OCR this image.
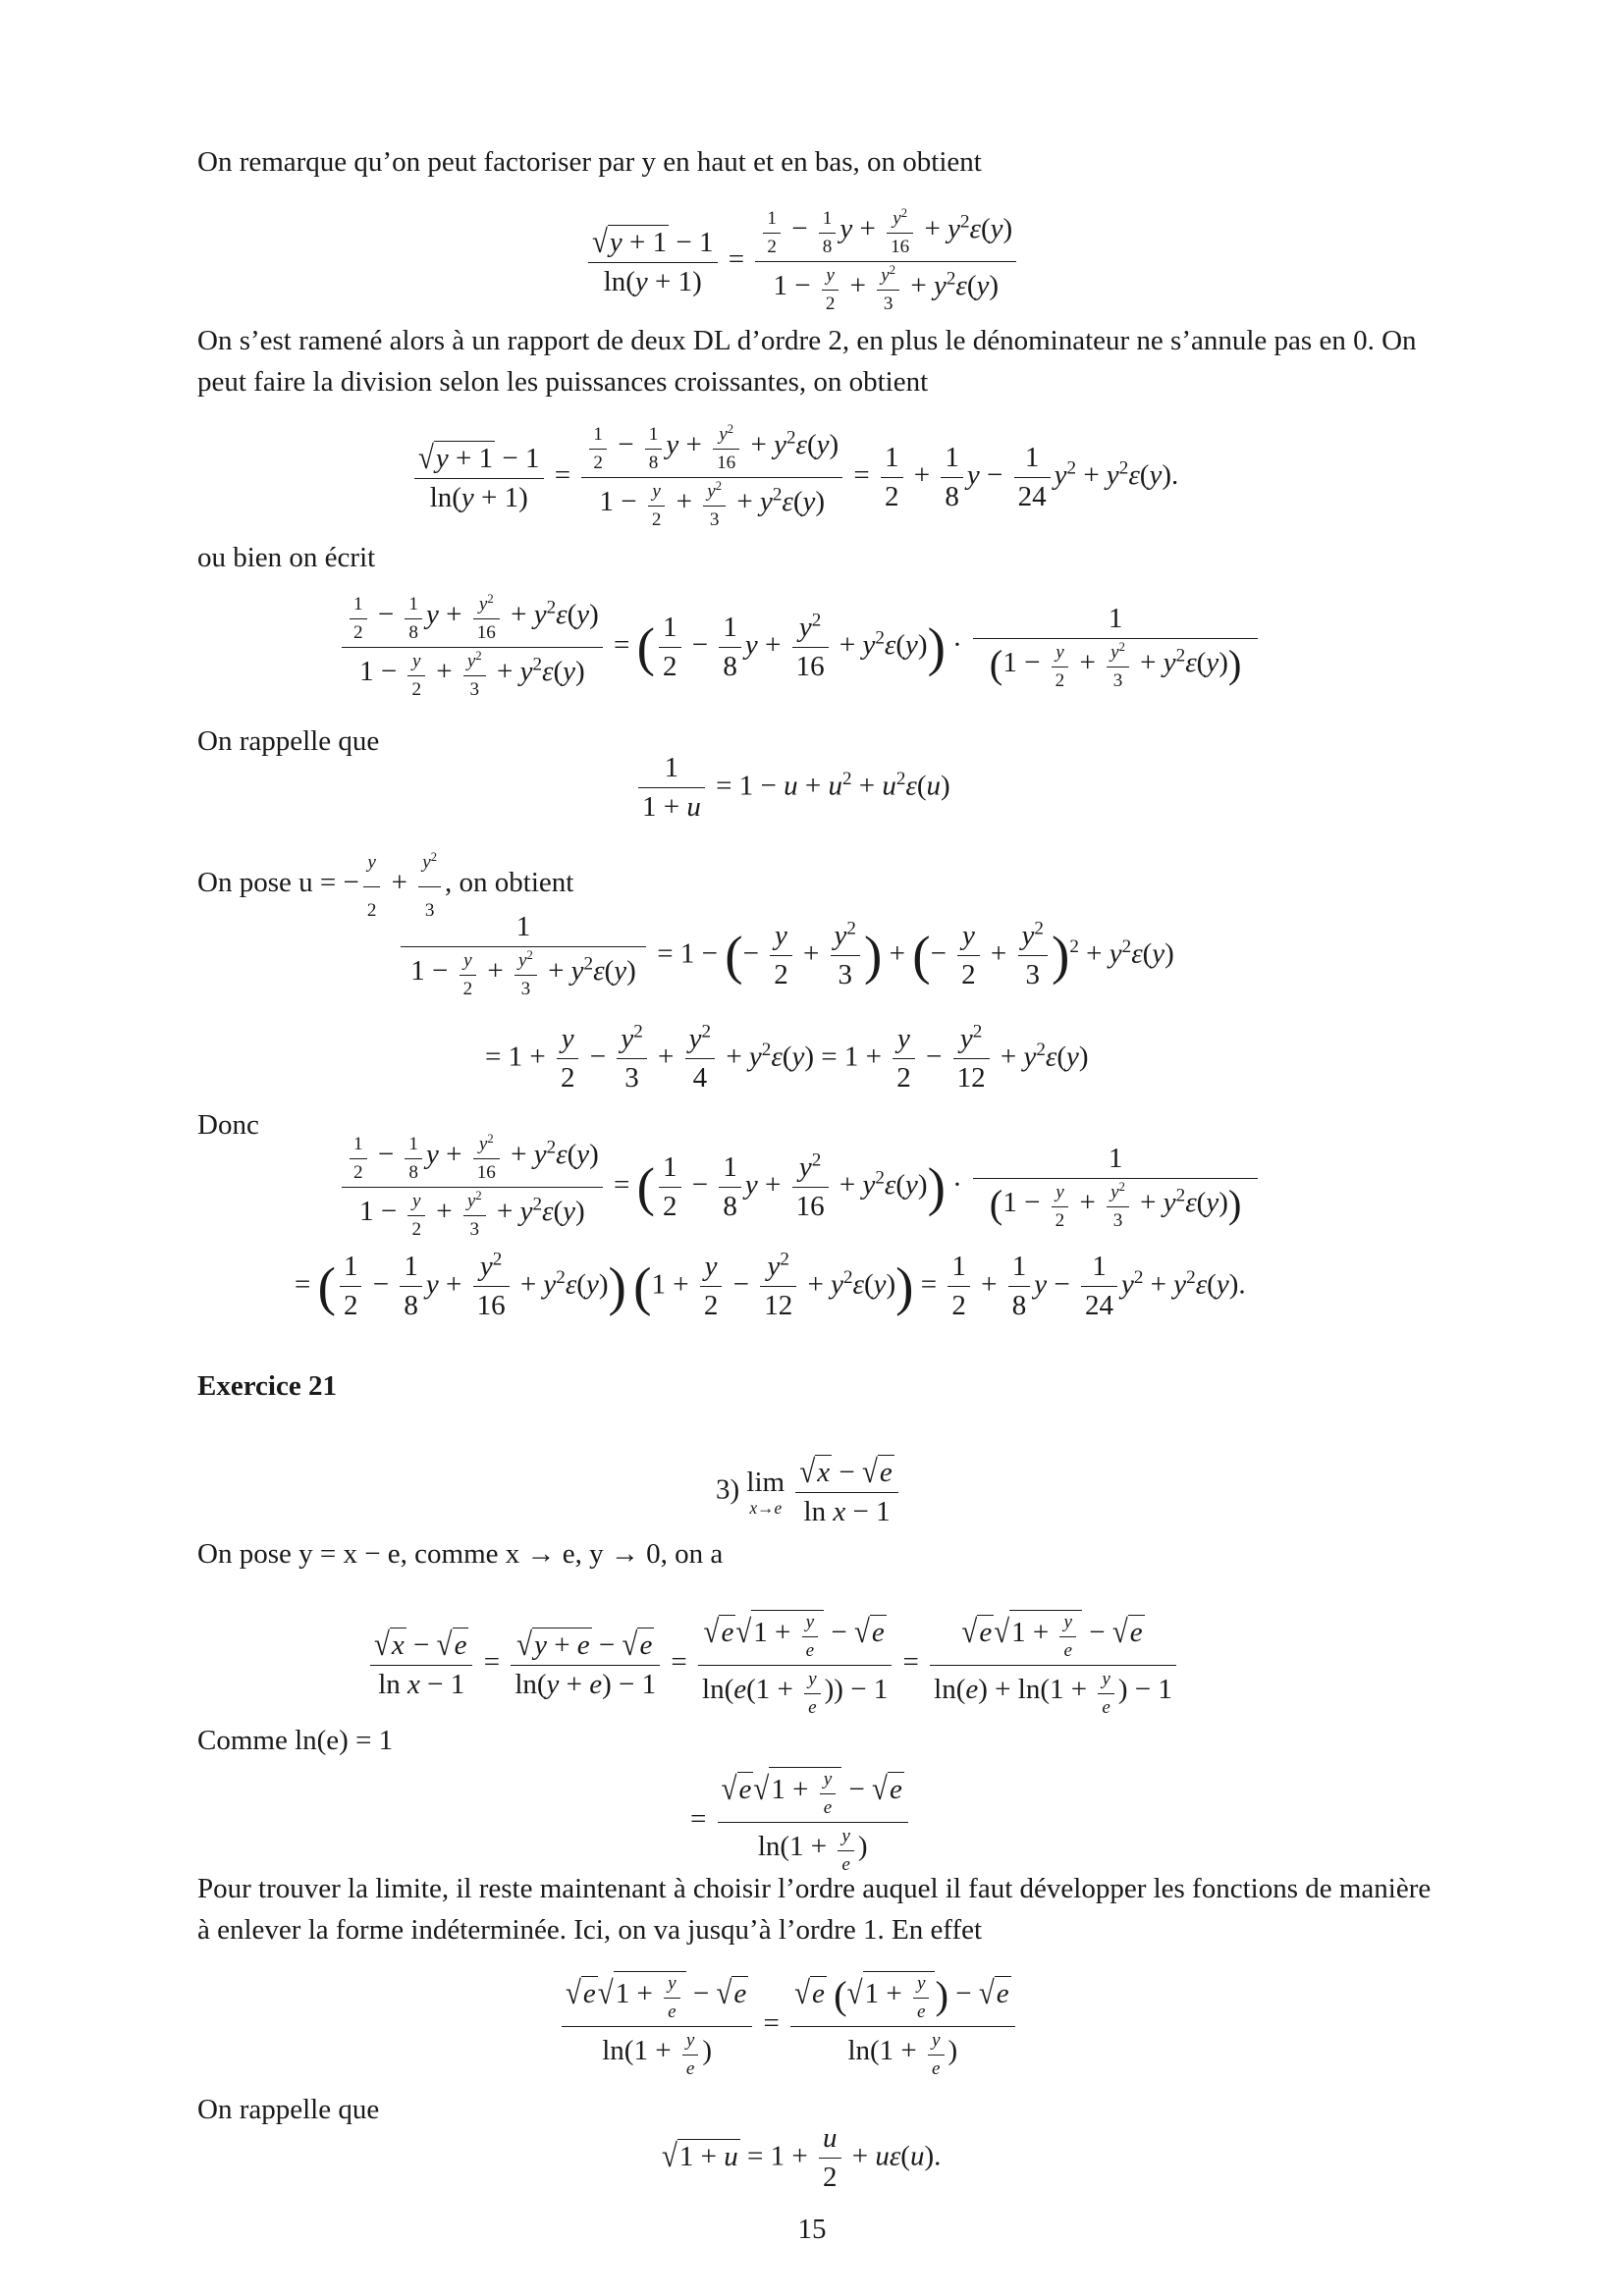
On remarque qu’on peut factoriser par y en haut et en bas, on obtient

$\frac{√y + 1 - 1}{\ln(y + 1)} = \frac{\frac{1}{2} - \frac{1}{8} y + \frac{y^2}{16} + y^2\varepsilon(y)}{1 - \frac{y}{2} + \frac{y^2}{3} + y^2\varepsilon(y)}$

On s’est ramené alors à un rapport de deux DL d’ordre 2, en plus le dénominateur ne s’annule pas en 0. On peut faire la division selon les puissances croissantes, on obtient

$\frac{√y + 1 - 1}{\ln(y + 1)} = \frac{\frac{1}{2} - \frac{1}{8} y + \frac{y^2}{16} + y^2\varepsilon(y)}{1 - \frac{y}{2} + \frac{y^2}{3} + y^2\varepsilon(y)} = \frac{1}{2} + \frac{1}{8}$ $y - \frac{1}{24} y^2 + y^2\varepsilon(y)$.

ou bien on écrit

$\frac{\frac{1}{2} - \frac{1}{8} y + \frac{y^2}{16} + y^2\varepsilon(y)}{1 - \frac{y}{2} + \frac{y^2}{3} + y^2\varepsilon(y)}$ = ( $\frac{1}{2} - \frac{1}{8}$ $y + \frac{y^2}{16} + y^2\varepsilon(y)) \cdot \frac{1}{(1 - \frac{y}{2} + \frac{y^2}{3} + y^2\varepsilon(y))}$

On rappelle que

$\frac{1}{1 + u} = 1 - u + u^2 + u^2\varepsilon(u)$

On pose u = − $\frac{y}{2} + \frac{y^2}{3}$ , on obtient

$\frac{1}{1 - \frac{y}{2} + \frac{y^2}{3} + y^2\varepsilon(y)} = 1$ − (− $\frac{y}{2} + \frac{y^2}{3}$ ) + (− $\frac{y}{2} + \frac{y^2}{3} )^2 + y^2\varepsilon(y)$
= $1 + \frac{y}{2} - \frac{y^2}{3} + \frac{y^2}{4} + y^2\varepsilon(y) = 1 + \frac{y}{2} - \frac{y^2}{12} + y^2\varepsilon(y)$

Donc

$\frac{\frac{1}{2} - \frac{1}{8} y + \frac{y^2}{16} + y^2\varepsilon(y)}{1 - \frac{y}{2} + \frac{y^2}{3} + y^2\varepsilon(y)}$ = ( $\frac{1}{2} - \frac{1}{8}$ $y + \frac{y^2}{16} + y^2\varepsilon(y)) \cdot \frac{1}{(1 - \frac{y}{2} + \frac{y^2}{3} + y^2\varepsilon(y))}$
= ( $\frac{1}{2} - \frac{1}{8}$ $y + \frac{y^2}{16} + y^2\varepsilon(y)$) $(1 + \frac{y}{2} - \frac{y^2}{12} + y^2\varepsilon(y)) = \frac{1}{2} + \frac{1}{8}$ $y - \frac{1}{24} y^2 + y^2\varepsilon(y)$.

Exercice 21

3) lim
x→e
$\frac{√x - √e}{\text{ln x − 1}}$

On pose y = x − e, comme x → e, y → 0, on a

$\frac{√x - √e}{\text{ln x − 1}} = \frac{√y + e - √e}{\ln(y + e) - 1} = \frac{√e√1 + \frac{y}{e} - √e}{\ln(e(1 + \frac{y}{e} )) - 1} = \frac{√e√1 + \frac{y}{e} - √e}{\ln(e) + \ln(1 + \frac{y}{e} ) - 1}$

Comme ln(e) = 1

= $\frac{√e√1 + \frac{y}{e} - √e}{\ln(1 + \frac{y}{e} )}$

Pour trouver la limite, il reste maintenant à choisir l’ordre auquel il faut développer les fonctions de manière à enlever la forme indéterminée. Ici, on va jusqu’à l’ordre 1. En effet

$\frac{√e√1 + \frac{y}{e} - √e}{\ln(1 + \frac{y}{e} )} = \frac{√e (√1 + \frac{y}{e} ) - √e}{\ln(1 + \frac{y}{e} )}$

On rappelle que

$√1 + u = 1 + \frac{u}{2} + u\varepsilon(u)$.
15
